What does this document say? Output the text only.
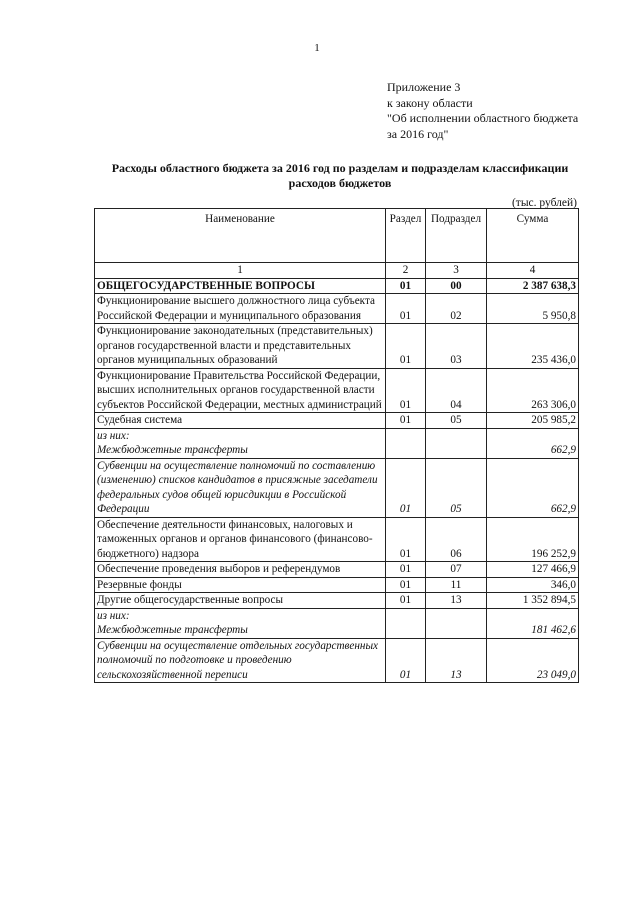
1
Приложение 3
к закону области
"Об исполнении областного бюджета
за 2016 год"
Расходы областного бюджета за 2016 год по разделам и подразделам классификации
расходов бюджетов
(тыс. рублей)
Наименование	Раздел	Подраздел	Сумма
1	2	3	4
ОБЩЕГОСУДАРСТВЕННЫЕ ВОПРОСЫ	01	00	2 387 638,3
Функционирование высшего должностного лица субъекта Российской Федерации и муниципального образования	01	02	5 950,8
Функционирование законодательных (представительных) органов государственной власти и представительных органов муниципальных образований	01	03	235 436,0
Функционирование Правительства Российской Федерации, высших исполнительных органов государственной власти субъектов Российской Федерации, местных администраций	01	04	263 306,0
Судебная система	01	05	205 985,2

из них:
Межбюджетные трансферты			662,9
Субвенции на осуществление полномочий по составлению (изменению) списков кандидатов в присяжные заседатели федеральных судов общей юрисдикции в Российской Федерации	01	05	662,9
Обеспечение деятельности финансовых, налоговых и таможенных органов и органов финансового (финансово-бюджетного) надзора	01	06	196 252,9
Обеспечение проведения выборов и референдумов	01	07	127 466,9
Резервные фонды	01	11	346,0
Другие общегосударственные вопросы	01	13	1 352 894,5

из них:
Межбюджетные трансферты			181 462,6
Субвенции на осуществление отдельных государственных полномочий по подготовке и проведению сельскохозяйственной переписи	01	13	23 049,0
